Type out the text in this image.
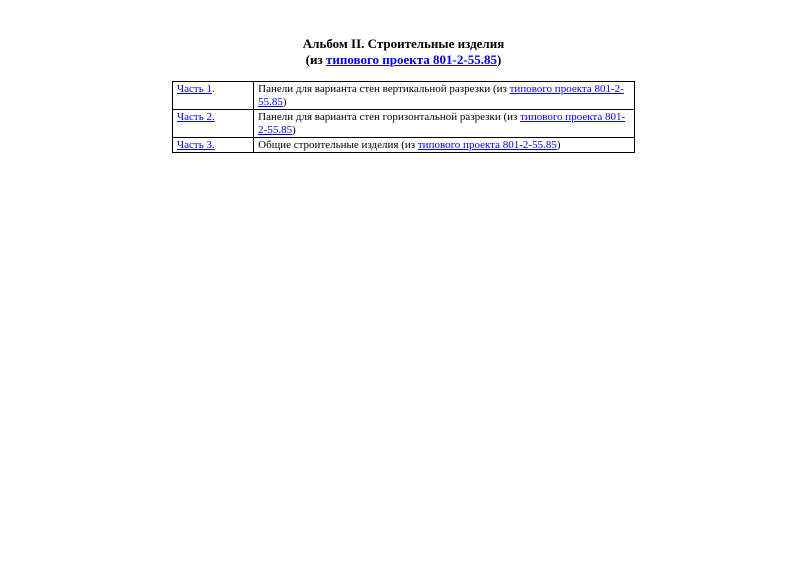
Альбом II. Строительные изделия
(из типового проекта 801-2-55.85)
Часть 1.	Панели для варианта стен вертикальной разрезки (из типового проекта 801-2-55.85)
Часть 2.	Панели для варианта стен горизонтальной разрезки (из типового проекта 801-2-55.85)
Часть 3.	Общие строительные изделия (из типового проекта 801-2-55.85)
